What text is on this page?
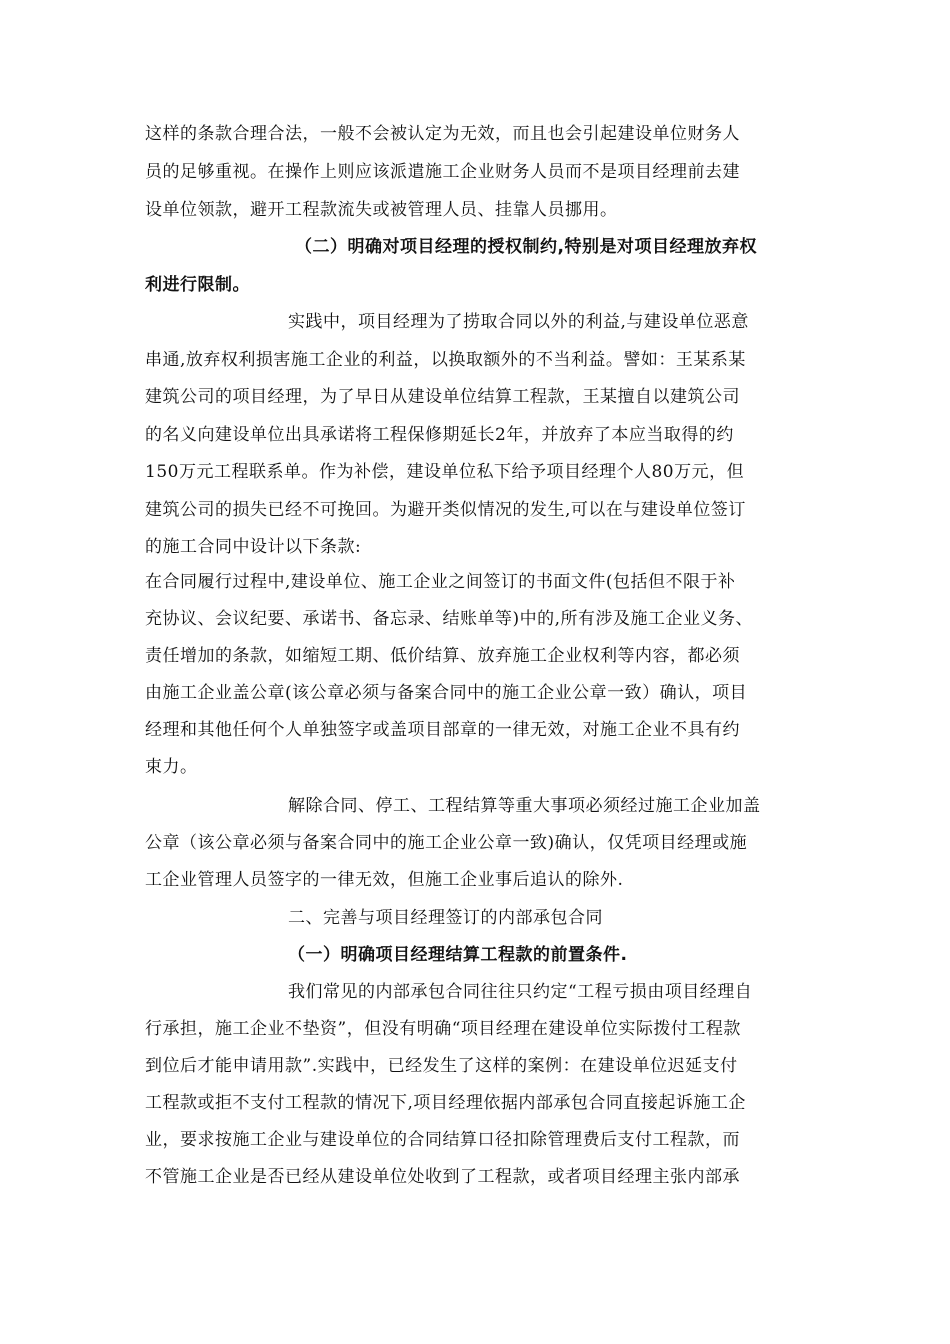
这样的条款合理合法，一般不会被认定为无效，而且也会引起建设单位财务人
员的足够重视。在操作上则应该派遣施工企业财务人员而不是项目经理前去建
设单位领款，避开工程款流失或被管理人员、挂靠人员挪用。
（二）明确对项目经理的授权制约,特别是对项目经理放弃权
利进行限制。
实践中，项目经理为了捞取合同以外的利益,与建设单位恶意
串通,放弃权利损害施工企业的利益，以换取额外的不当利益。譬如：王某系某
建筑公司的项目经理，为了早日从建设单位结算工程款，王某擅自以建筑公司
的名义向建设单位出具承诺将工程保修期延长2年，并放弃了本应当取得的约
150万元工程联系单。作为补偿，建设单位私下给予项目经理个人80万元，但
建筑公司的损失已经不可挽回。为避开类似情况的发生,可以在与建设单位签订
的施工合同中设计以下条款:
在合同履行过程中,建设单位、施工企业之间签订的书面文件(包括但不限于补
充协议、会议纪要、承诺书、备忘录、结账单等)中的,所有涉及施工企业义务、
责任增加的条款，如缩短工期、低价结算、放弃施工企业权利等内容，都必须
由施工企业盖公章(该公章必须与备案合同中的施工企业公章一致）确认，项目
经理和其他任何个人单独签字或盖项目部章的一律无效，对施工企业不具有约
束力。
解除合同、停工、工程结算等重大事项必须经过施工企业加盖
公章（该公章必须与备案合同中的施工企业公章一致)确认，仅凭项目经理或施
工企业管理人员签字的一律无效，但施工企业事后追认的除外.
二、完善与项目经理签订的内部承包合同
（一）明确项目经理结算工程款的前置条件.
我们常见的内部承包合同往往只约定“工程亏损由项目经理自
行承担，施工企业不垫资”，但没有明确“项目经理在建设单位实际拨付工程款
到位后才能申请用款”.实践中，已经发生了这样的案例：在建设单位迟延支付
工程款或拒不支付工程款的情况下,项目经理依据内部承包合同直接起诉施工企
业，要求按施工企业与建设单位的合同结算口径扣除管理费后支付工程款，而
不管施工企业是否已经从建设单位处收到了工程款，或者项目经理主张内部承
